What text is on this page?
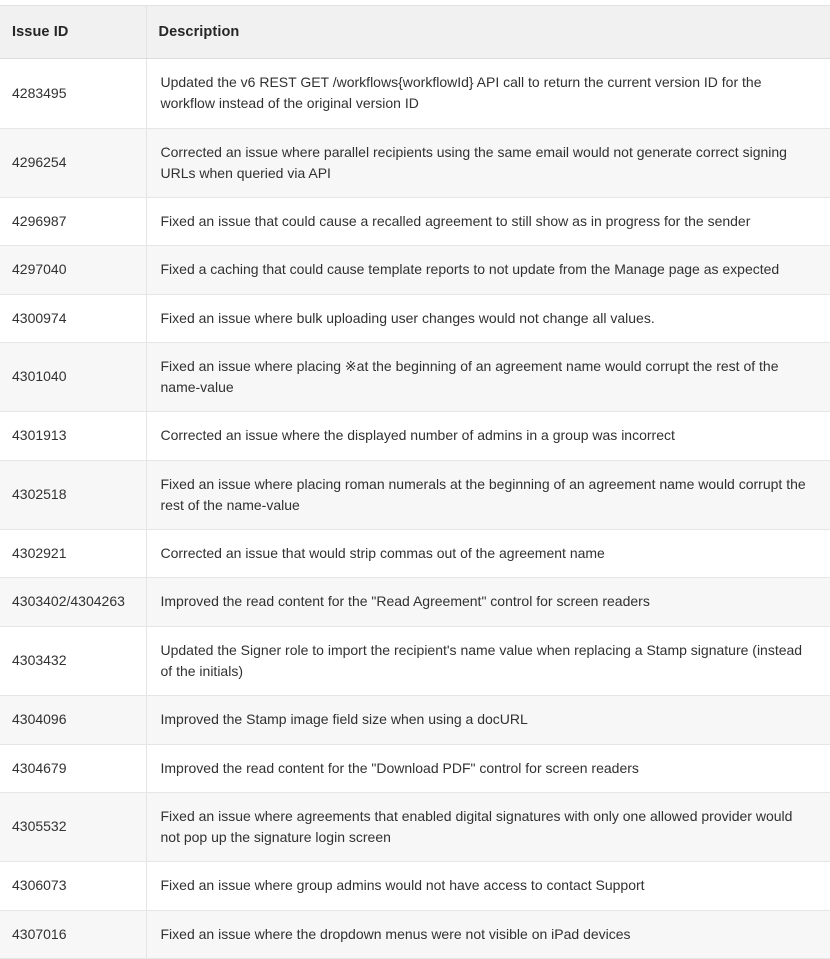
Issue ID	Description
4283495	Updated the v6 REST GET /workflows{workflowId} API call to return the current version ID for the workflow instead of the original version ID
4296254	Corrected an issue where parallel recipients using the same email would not generate correct signing URLs when queried via API
4296987	Fixed an issue that could cause a recalled agreement to still show as in progress for the sender
4297040	Fixed a caching that could cause template reports to not update from the Manage page as expected
4300974	Fixed an issue where bulk uploading user changes would not change all values.
4301040	Fixed an issue where placing ※at the beginning of an agreement name would corrupt the rest of the name-value
4301913	Corrected an issue where the displayed number of admins in a group was incorrect
4302518	Fixed an issue where placing roman numerals at the beginning of an agreement name would corrupt the rest of the name-value
4302921	Corrected an issue that would strip commas out of the agreement name
4303402/4304263	Improved the read content for the "Read Agreement" control for screen readers
4303432	Updated the Signer role to import the recipient's name value when replacing a Stamp signature (instead of the initials)
4304096	Improved the Stamp image field size when using a docURL
4304679	Improved the read content for the "Download PDF" control for screen readers
4305532	Fixed an issue where agreements that enabled digital signatures with only one allowed provider would not pop up the signature login screen
4306073	Fixed an issue where group admins would not have access to contact Support
4307016	Fixed an issue where the dropdown menus were not visible on iPad devices
